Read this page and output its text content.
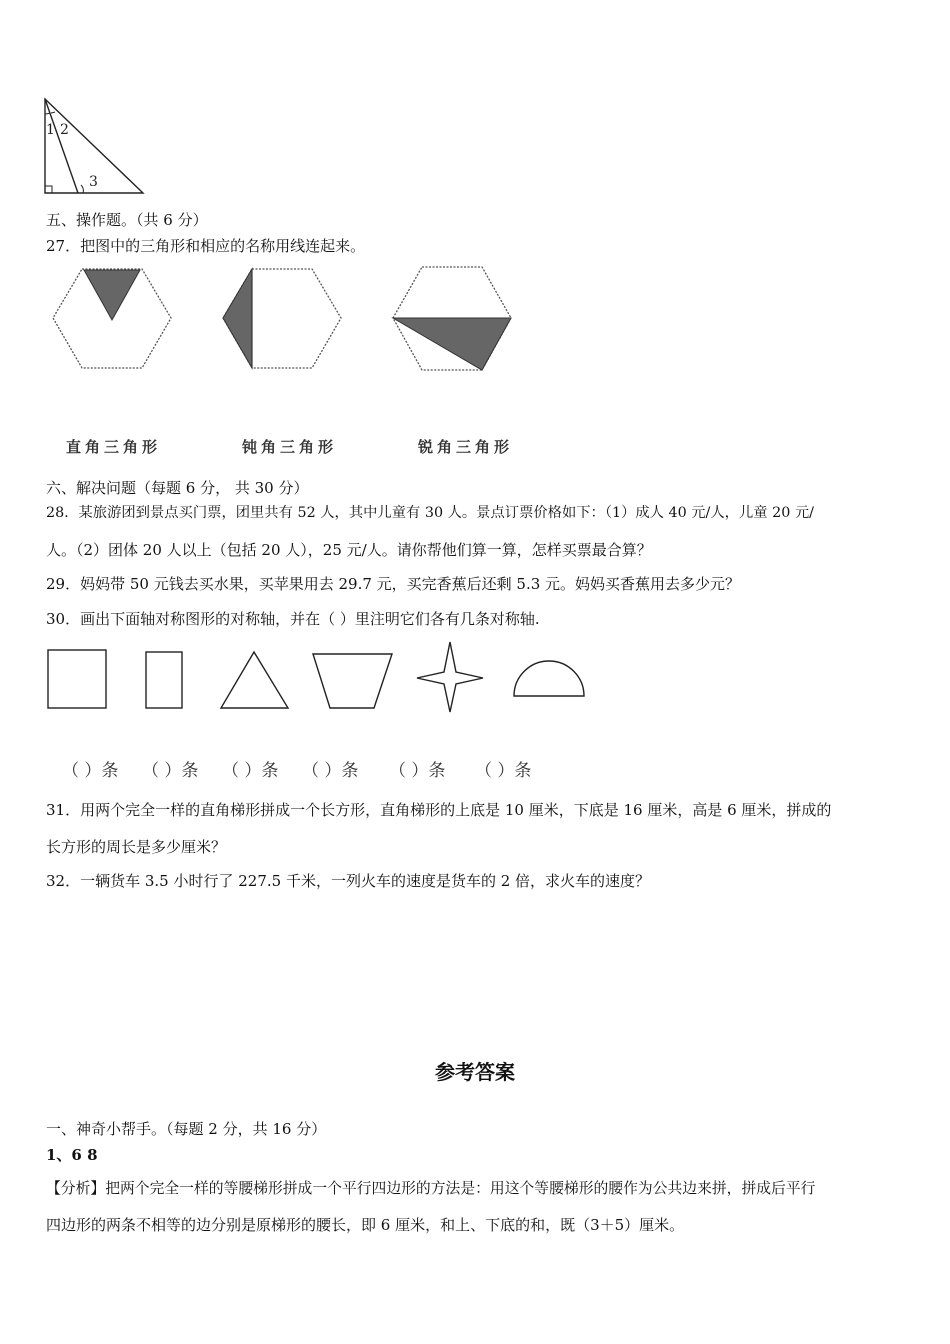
1 2
3
五、操作题。（共 6 分）
27．把图中的三角形和相应的名称用线连起来。
直角三角形	钝角三角形	锐角三角形
六、解决问题（每题 6 分， 共 30 分）
28．某旅游团到景点买门票，团里共有 52 人，其中儿童有 30 人。景点订票价格如下：（1）成人 40 元/人，儿童 20 元/
人。（2）团体 20 人以上（包括 20 人），25 元/人。请你帮他们算一算，怎样买票最合算？
29．妈妈带 50 元钱去买水果，买苹果用去 29.7 元，买完香蕉后还剩 5.3 元。妈妈买香蕉用去多少元？
30．画出下面轴对称图形的对称轴，并在（ ）里注明它们各有几条对称轴.
（ ）条 （ ）条 （ ）条 （ ）条 （ ）条 （ ）条
31．用两个完全一样的直角梯形拼成一个长方形，直角梯形的上底是 10 厘米，下底是 16 厘米，高是 6 厘米，拼成的
长方形的周长是多少厘米？
32．一辆货车 3.5 小时行了 227.5 千米，一列火车的速度是货车的 2 倍，求火车的速度？
参考答案
一、神奇小帮手。（每题 2 分，共 16 分）
1、6 8
【分析】把两个完全一样的等腰梯形拼成一个平行四边形的方法是：用这个等腰梯形的腰作为公共边来拼，拼成后平行
四边形的两条不相等的边分别是原梯形的腰长，即 6 厘米，和上、下底的和，既（3＋5）厘米。
